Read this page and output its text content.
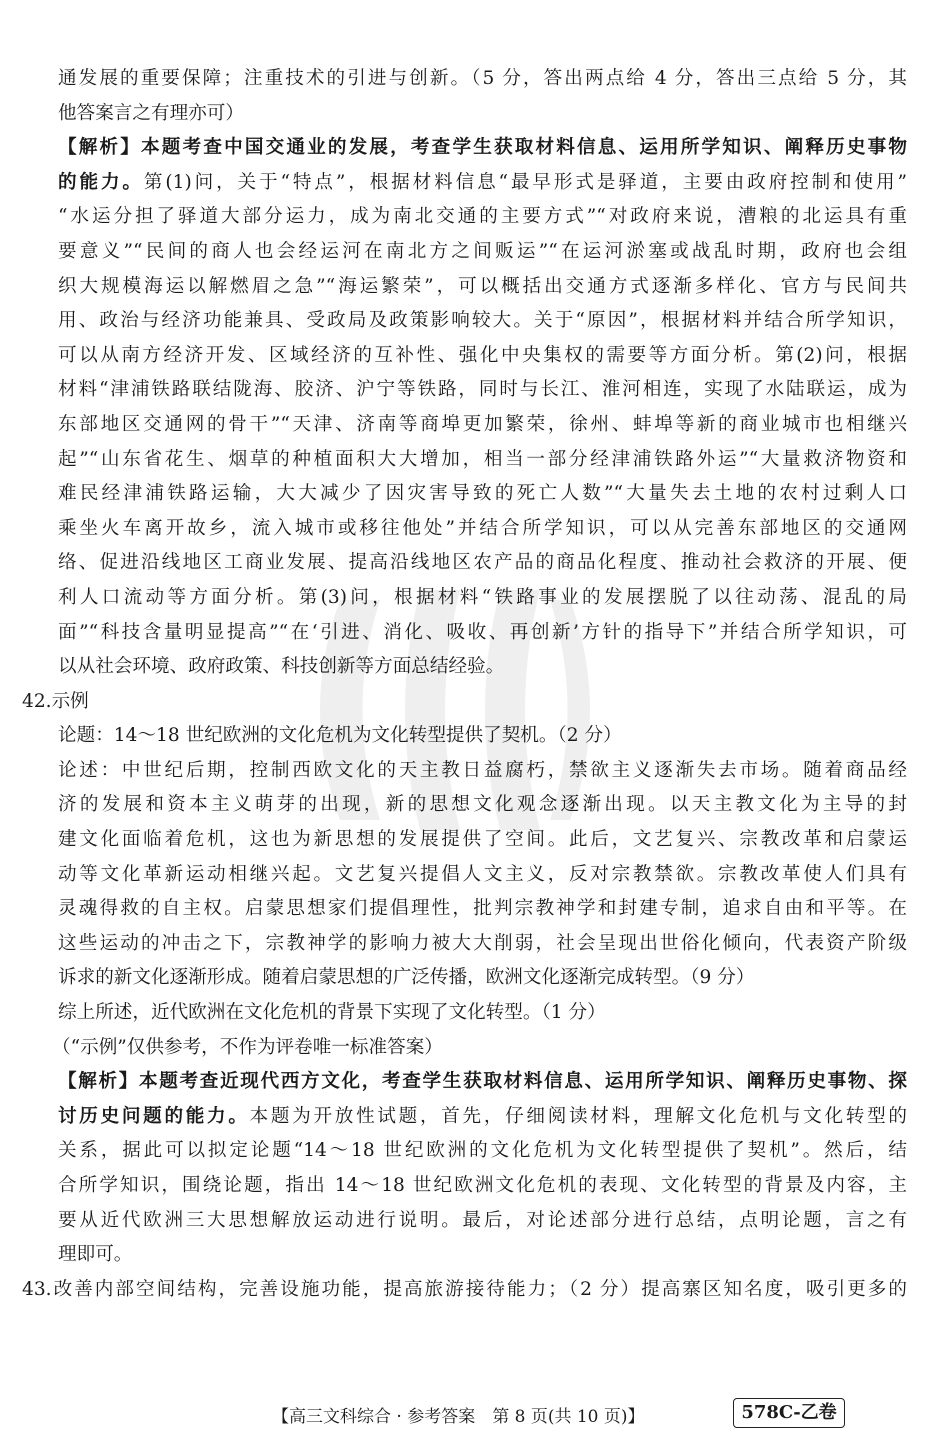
通发展的重要保障；注重技术的引进与创新。（5 分，答出两点给 4 分，答出三点给 5 分，其

他答案言之有理亦可）

【解析】本题考查中国交通业的发展，考查学生获取材料信息、运用所学知识、阐释历史事物

的能力。第(1)问，关于“特点”，根据材料信息“最早形式是驿道，主要由政府控制和使用”

“水运分担了驿道大部分运力，成为南北交通的主要方式”“对政府来说，漕粮的北运具有重

要意义”“民间的商人也会经运河在南北方之间贩运”“在运河淤塞或战乱时期，政府也会组

织大规模海运以解燃眉之急”“海运繁荣”，可以概括出交通方式逐渐多样化、官方与民间共

用、政治与经济功能兼具、受政局及政策影响较大。关于“原因”，根据材料并结合所学知识，

可以从南方经济开发、区域经济的互补性、强化中央集权的需要等方面分析。第(2)问，根据

材料“津浦铁路联结陇海、胶济、沪宁等铁路，同时与长江、淮河相连，实现了水陆联运，成为

东部地区交通网的骨干”“天津、济南等商埠更加繁荣，徐州、蚌埠等新的商业城市也相继兴

起”“山东省花生、烟草的种植面积大大增加，相当一部分经津浦铁路外运”“大量救济物资和

难民经津浦铁路运输，大大减少了因灾害导致的死亡人数”“大量失去土地的农村过剩人口

乘坐火车离开故乡，流入城市或移往他处”并结合所学知识，可以从完善东部地区的交通网

络、促进沿线地区工商业发展、提高沿线地区农产品的商品化程度、推动社会救济的开展、便

利人口流动等方面分析。第(3)问，根据材料“铁路事业的发展摆脱了以往动荡、混乱的局

面”“科技含量明显提高”“在‘引进、消化、吸收、再创新’方针的指导下”并结合所学知识，可

以从社会环境、政府政策、科技创新等方面总结经验。

42.示例

论题：14～18 世纪欧洲的文化危机为文化转型提供了契机。（2 分）

论述：中世纪后期，控制西欧文化的天主教日益腐朽，禁欲主义逐渐失去市场。随着商品经

济的发展和资本主义萌芽的出现，新的思想文化观念逐渐出现。以天主教文化为主导的封

建文化面临着危机，这也为新思想的发展提供了空间。此后，文艺复兴、宗教改革和启蒙运

动等文化革新运动相继兴起。文艺复兴提倡人文主义，反对宗教禁欲。宗教改革使人们具有

灵魂得救的自主权。启蒙思想家们提倡理性，批判宗教神学和封建专制，追求自由和平等。在

这些运动的冲击之下，宗教神学的影响力被大大削弱，社会呈现出世俗化倾向，代表资产阶级

诉求的新文化逐渐形成。随着启蒙思想的广泛传播，欧洲文化逐渐完成转型。（9 分）

综上所述，近代欧洲在文化危机的背景下实现了文化转型。（1 分）

（“示例”仅供参考，不作为评卷唯一标准答案）

【解析】本题考查近现代西方文化，考查学生获取材料信息、运用所学知识、阐释历史事物、探

讨历史问题的能力。本题为开放性试题，首先，仔细阅读材料，理解文化危机与文化转型的

关系，据此可以拟定论题“14～18 世纪欧洲的文化危机为文化转型提供了契机”。然后，结

合所学知识，围绕论题，指出 14～18 世纪欧洲文化危机的表现、文化转型的背景及内容，主

要从近代欧洲三大思想解放运动进行说明。最后，对论述部分进行总结，点明论题，言之有

理即可。

43.改善内部空间结构，完善设施功能，提高旅游接待能力；（2 分）提高寨区知名度，吸引更多的

【高三文科综合 · 参考答案　第 8 页(共 10 页)】	578C-乙卷
